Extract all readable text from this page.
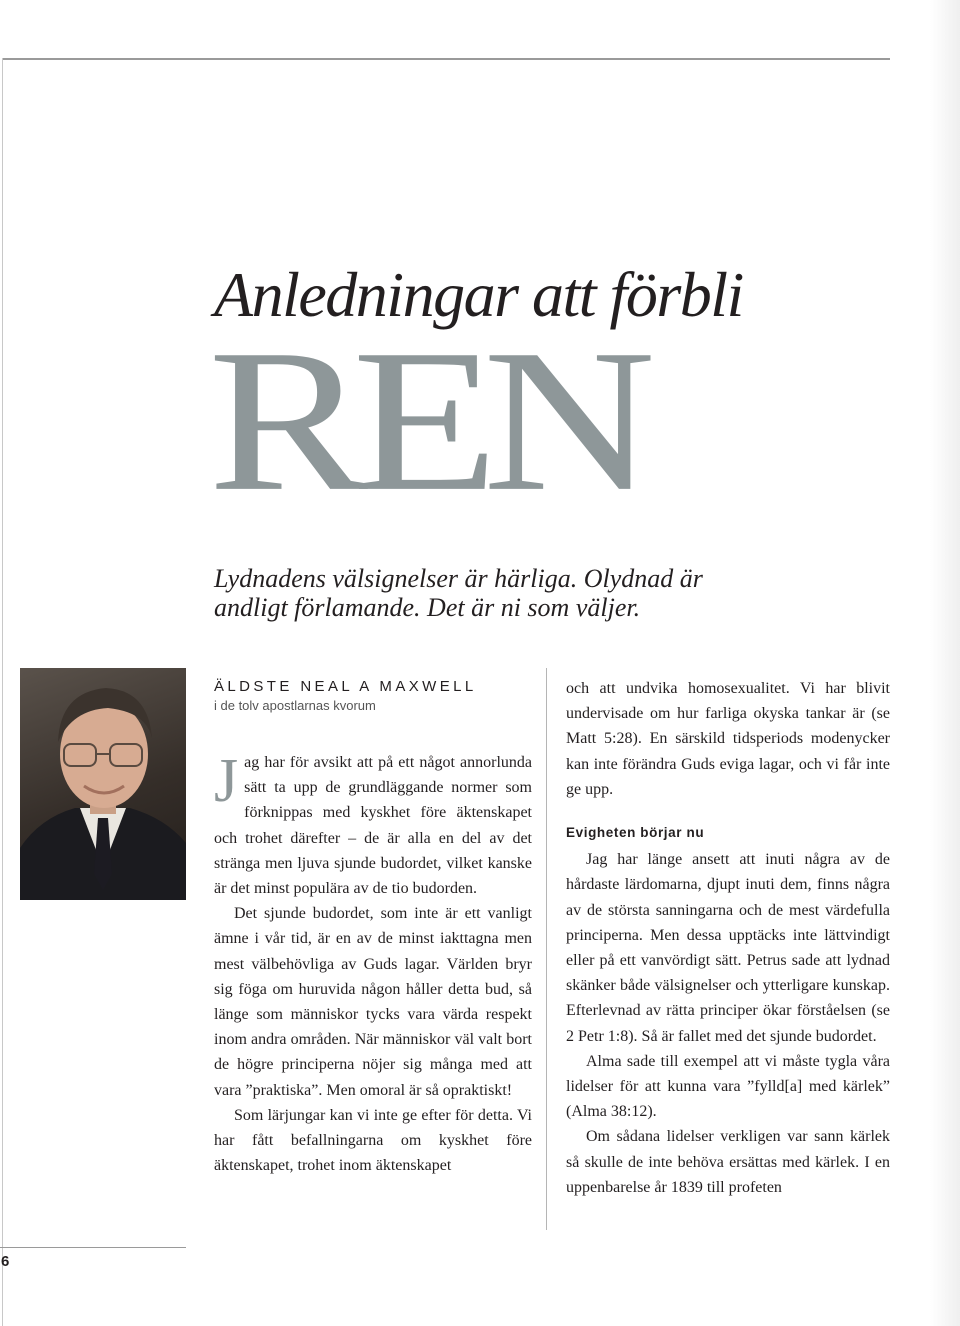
Anledningar att förbli
REN
Lydnadens välsignelser är härliga. Olydnad är andligt förlamande. Det är ni som väljer.
ÄLDSTE NEAL A MAXWELL
i de tolv apostlarnas kvorum

Jag har för avsikt att på ett något annorlunda sätt ta upp de grundläggande normer som förknippas med kyskhet före äktenskapet och trohet därefter – de är alla en del av det stränga men ljuva sjunde budordet, vilket kanske är det minst populära av de tio budorden.

Det sjunde budordet, som inte är ett vanligt ämne i vår tid, är en av de minst iakttagna men mest välbehövliga av Guds lagar. Världen bryr sig föga om huruvida någon håller detta bud, så länge som människor tycks vara värda respekt inom andra områden. När människor väl valt bort de högre principerna nöjer sig många med att vara ”praktiska”. Men omoral är så opraktiskt!

Som lärjungar kan vi inte ge efter för detta. Vi har fått befallningarna om kyskhet före äktenskapet, trohet inom äktenskapet

och att undvika homosexualitet. Vi har blivit undervisade om hur farliga okyska tankar är (se Matt 5:28). En särskild tidsperiods modenycker kan inte förändra Guds eviga lagar, och vi får inte ge upp.

Evigheten börjar nu

Jag har länge ansett att inuti några av de hårdaste lärdomarna, djupt inuti dem, finns några av de största sanningarna och de mest värdefulla principerna. Men dessa upptäcks inte lättvindigt eller på ett vanvördigt sätt. Petrus sade att lydnad skänker både välsignelser och ytterligare kunskap. Efterlevnad av rätta principer ökar förståelsen (se 2 Petr 1:8). Så är fallet med det sjunde budordet.

Alma sade till exempel att vi måste tygla våra lidelser för att kunna vara ”fylld[a] med kärlek” (Alma 38:12).

Om sådana lidelser verkligen var sann kärlek så skulle de inte behöva ersättas med kärlek. I en uppenbarelse år 1839 till profeten

6
